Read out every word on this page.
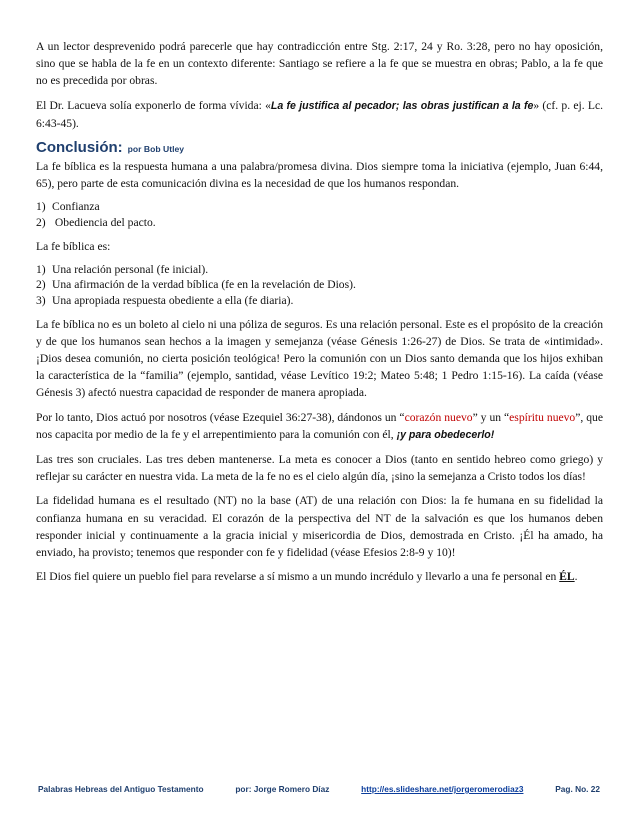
A un lector desprevenido podrá parecerle que hay contradicción entre Stg. 2:17, 24 y Ro. 3:28, pero no hay oposición, sino que se habla de la fe en un contexto diferente: Santiago se refiere a la fe que se muestra en obras; Pablo, a la fe que no es precedida por obras.

El Dr. Lacueva solía exponerlo de forma vívida: «La fe justifica al pecador; las obras justifican a la fe» (cf. p. ej. Lc. 6:43-45).

Conclusión: por Bob Utley

La fe bíblica es la respuesta humana a una palabra/promesa divina. Dios siempre toma la iniciativa (ejemplo, Juan 6:44, 65), pero parte de esta comunicación divina es la necesidad de que los humanos respondan.

1) Confianza
2) Obediencia del pacto.

La fe bíblica es:

1) Una relación personal (fe inicial).
2) Una afirmación de la verdad bíblica (fe en la revelación de Dios).
3) Una apropiada respuesta obediente a ella (fe diaria).

La fe bíblica no es un boleto al cielo ni una póliza de seguros. Es una relación personal. Este es el propósito de la creación y de que los humanos sean hechos a la imagen y semejanza (véase Génesis 1:26-27) de Dios. Se trata de «intimidad». ¡Dios desea comunión, no cierta posición teológica! Pero la comunión con un Dios santo demanda que los hijos exhiban la característica de la “familia” (ejemplo, santidad, véase Levítico 19:2; Mateo 5:48; 1 Pedro 1:15-16). La caída (véase Génesis 3) afectó nuestra capacidad de responder de manera apropiada.

Por lo tanto, Dios actuó por nosotros (véase Ezequiel 36:27-38), dándonos un “corazón nuevo” y un “espíritu nuevo”, que nos capacita por medio de la fe y el arrepentimiento para la comunión con él, ¡y para obedecerlo!

Las tres son cruciales. Las tres deben mantenerse. La meta es conocer a Dios (tanto en sentido hebreo como griego) y reflejar su carácter en nuestra vida. La meta de la fe no es el cielo algún día, ¡sino la semejanza a Cristo todos los días!

La fidelidad humana es el resultado (NT) no la base (AT) de una relación con Dios: la fe humana en su fidelidad la confianza humana en su veracidad. El corazón de la perspectiva del NT de la salvación es que los humanos deben responder inicial y continuamente a la gracia inicial y misericordia de Dios, demostrada en Cristo. ¡Él ha amado, ha enviado, ha provisto; tenemos que responder con fe y fidelidad (véase Efesios 2:8-9 y 10)!

El Dios fiel quiere un pueblo fiel para revelarse a sí mismo a un mundo incrédulo y llevarlo a una fe personal en ÉL.

Palabras Hebreas del Antiguo Testamento	por: Jorge Romero Díaz	http://es.slideshare.net/jorgeromerodiaz3	Pag. No. 22
